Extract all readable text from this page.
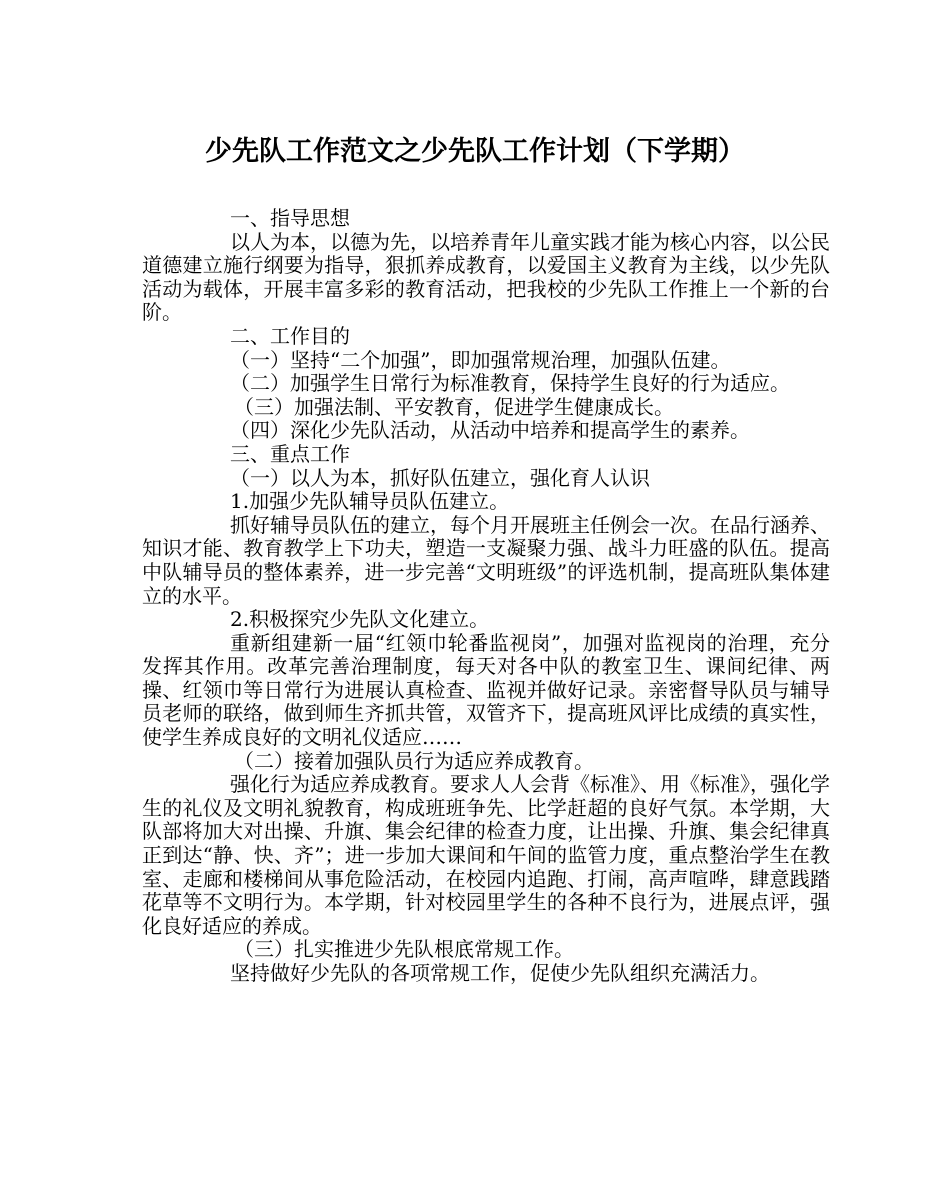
少先队工作范文之少先队工作计划（下学期）

一、指导思想

以人为本，以德为先，以培养青年儿童实践才能为核心内容，以公民道德建立施行纲要为指导，狠抓养成教育，以爱国主义教育为主线，以少先队活动为载体，开展丰富多彩的教育活动，把我校的少先队工作推上一个新的台阶。

二、工作目的

（一）坚持“二个加强”，即加强常规治理，加强队伍建。

（二）加强学生日常行为标准教育，保持学生良好的行为适应。

（三）加强法制、平安教育，促进学生健康成长。

（四）深化少先队活动，从活动中培养和提高学生的素养。

三、重点工作

（一）以人为本，抓好队伍建立，强化育人认识

1.加强少先队辅导员队伍建立。

抓好辅导员队伍的建立，每个月开展班主任例会一次。在品行涵养、知识才能、教育教学上下功夫，塑造一支凝聚力强、战斗力旺盛的队伍。提高中队辅导员的整体素养，进一步完善“文明班级”的评选机制，提高班队集体建立的水平。

2.积极探究少先队文化建立。

重新组建新一届“红领巾轮番监视岗”，加强对监视岗的治理，充分发挥其作用。改革完善治理制度，每天对各中队的教室卫生、课间纪律、两操、红领巾等日常行为进展认真检查、监视并做好记录。亲密督导队员与辅导员老师的联络，做到师生齐抓共管，双管齐下，提高班风评比成绩的真实性，使学生养成良好的文明礼仪适应……

（二）接着加强队员行为适应养成教育。

强化行为适应养成教育。要求人人会背《标准》、用《标准》，强化学生的礼仪及文明礼貌教育，构成班班争先、比学赶超的良好气氛。本学期，大队部将加大对出操、升旗、集会纪律的检查力度，让出操、升旗、集会纪律真正到达“静、快、齐”；进一步加大课间和午间的监管力度，重点整治学生在教室、走廊和楼梯间从事危险活动，在校园内追跑、打闹，高声喧哗，肆意践踏花草等不文明行为。本学期，针对校园里学生的各种不良行为，进展点评，强化良好适应的养成。

（三）扎实推进少先队根底常规工作。

坚持做好少先队的各项常规工作，促使少先队组织充满活力。
